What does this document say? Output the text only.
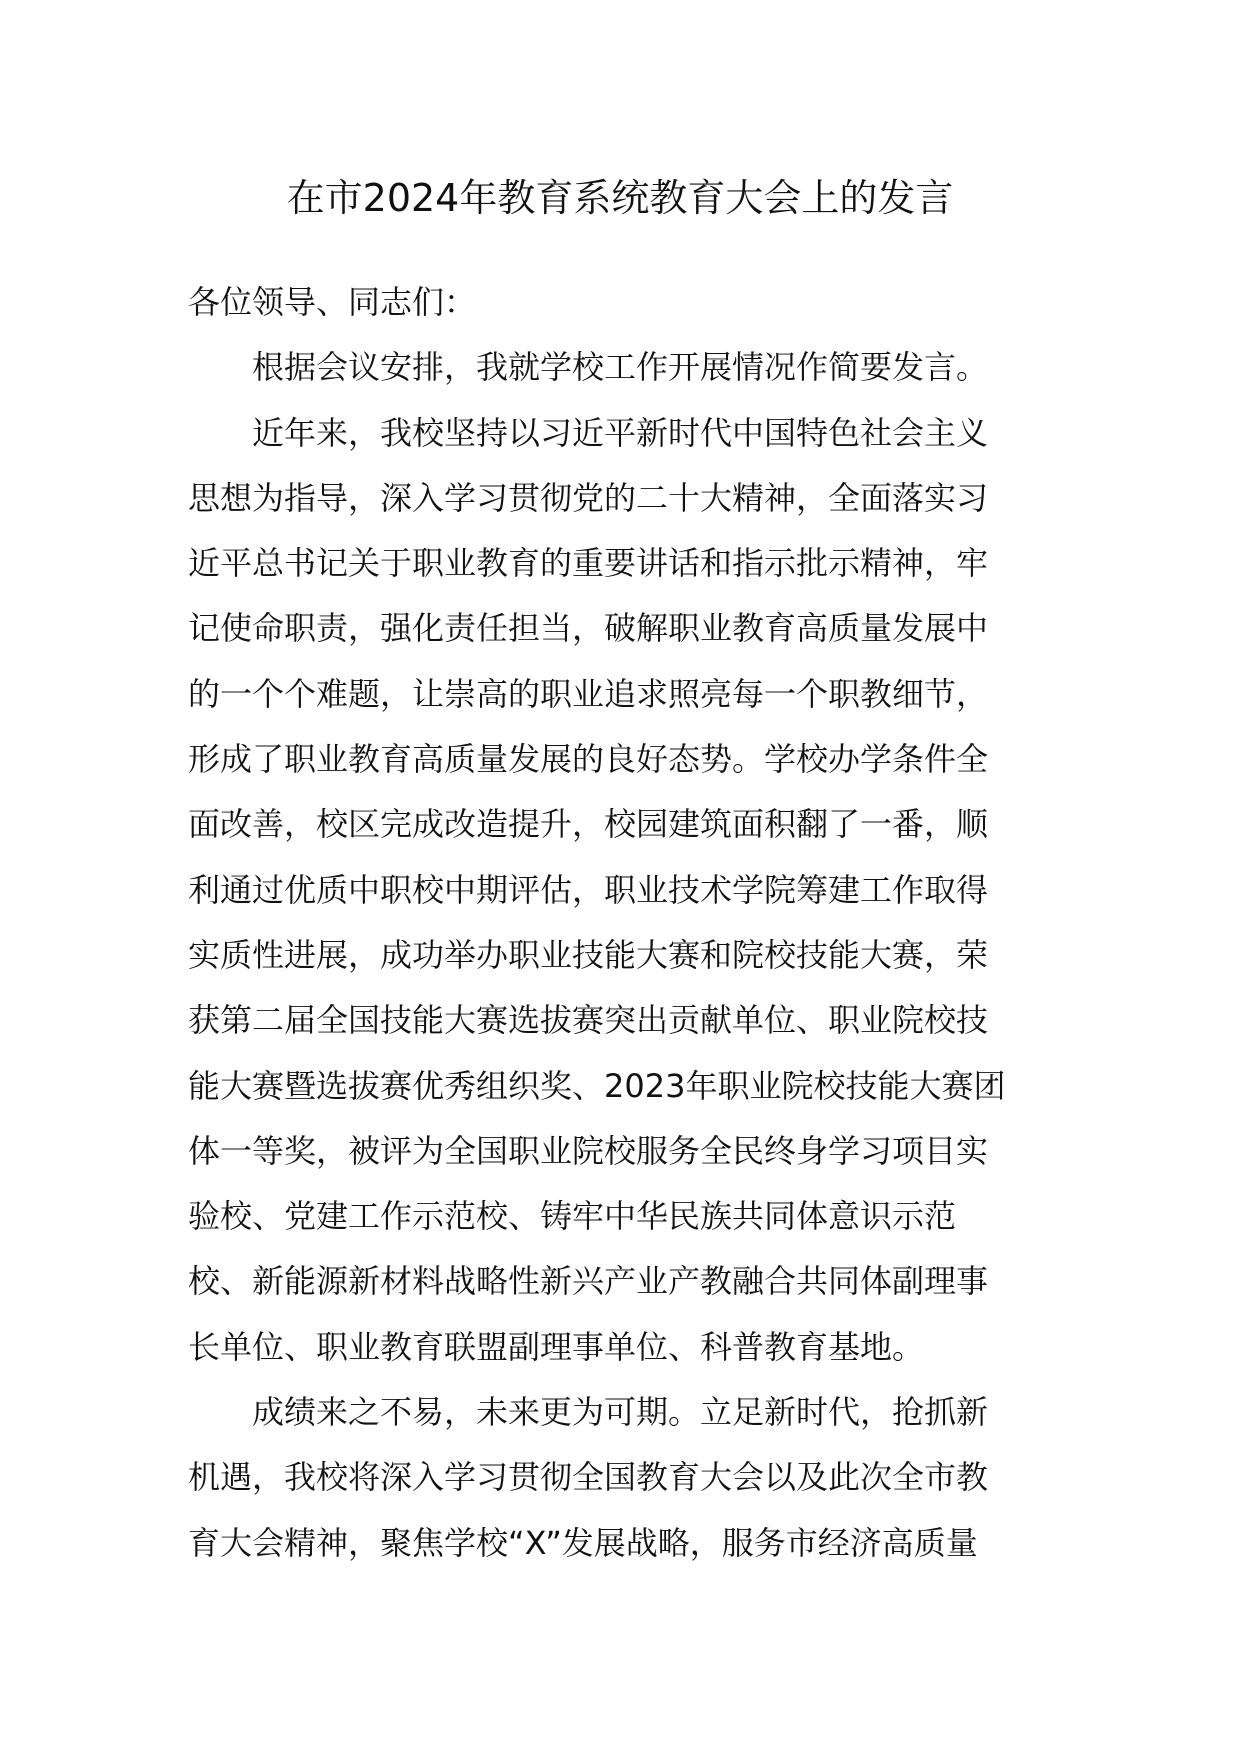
在市2024年教育系统教育大会上的发言
各位领导、同志们：
根据会议安排，我就学校工作开展情况作简要发言。
近年来，我校坚持以习近平新时代中国特色社会主义
思想为指导，深入学习贯彻党的二十大精神，全面落实习
近平总书记关于职业教育的重要讲话和指示批示精神，牢
记使命职责，强化责任担当，破解职业教育高质量发展中
的一个个难题，让崇高的职业追求照亮每一个职教细节，
形成了职业教育高质量发展的良好态势。学校办学条件全
面改善，校区完成改造提升，校园建筑面积翻了一番，顺
利通过优质中职校中期评估，职业技术学院筹建工作取得
实质性进展，成功举办职业技能大赛和院校技能大赛，荣
获第二届全国技能大赛选拔赛突出贡献单位、职业院校技
能大赛暨选拔赛优秀组织奖、2023年职业院校技能大赛团
体一等奖，被评为全国职业院校服务全民终身学习项目实
验校、党建工作示范校、铸牢中华民族共同体意识示范
校、新能源新材料战略性新兴产业产教融合共同体副理事
长单位、职业教育联盟副理事单位、科普教育基地。
成绩来之不易，未来更为可期。立足新时代，抢抓新
机遇，我校将深入学习贯彻全国教育大会以及此次全市教
育大会精神，聚焦学校“X”发展战略，服务市经济高质量
